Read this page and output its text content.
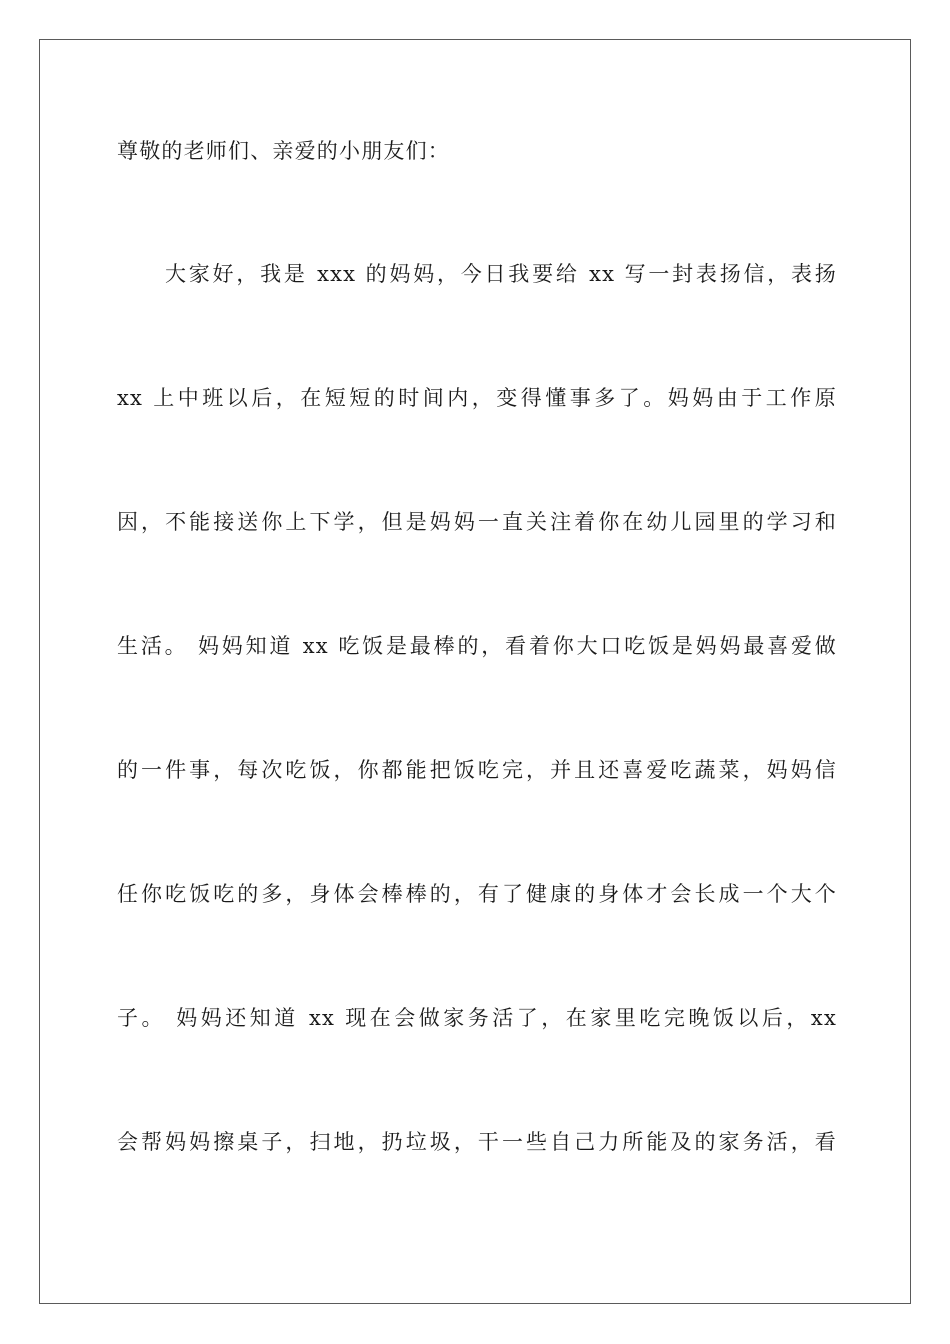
尊敬的老师们、亲爱的小朋友们：
大家好，我是 xxx 的妈妈，今日我要给 xx 写一封表扬信，表扬
xx 上中班以后，在短短的时间内，变得懂事多了。妈妈由于工作原
因，不能接送你上下学，但是妈妈一直关注着你在幼儿园里的学习和
生活。 妈妈知道 xx 吃饭是最棒的，看着你大口吃饭是妈妈最喜爱做
的一件事，每次吃饭，你都能把饭吃完，并且还喜爱吃蔬菜，妈妈信
任你吃饭吃的多，身体会棒棒的，有了健康的身体才会长成一个大个
子。 妈妈还知道 xx 现在会做家务活了，在家里吃完晚饭以后，xx
会帮妈妈擦桌子，扫地，扔垃圾，干一些自己力所能及的家务活，看
